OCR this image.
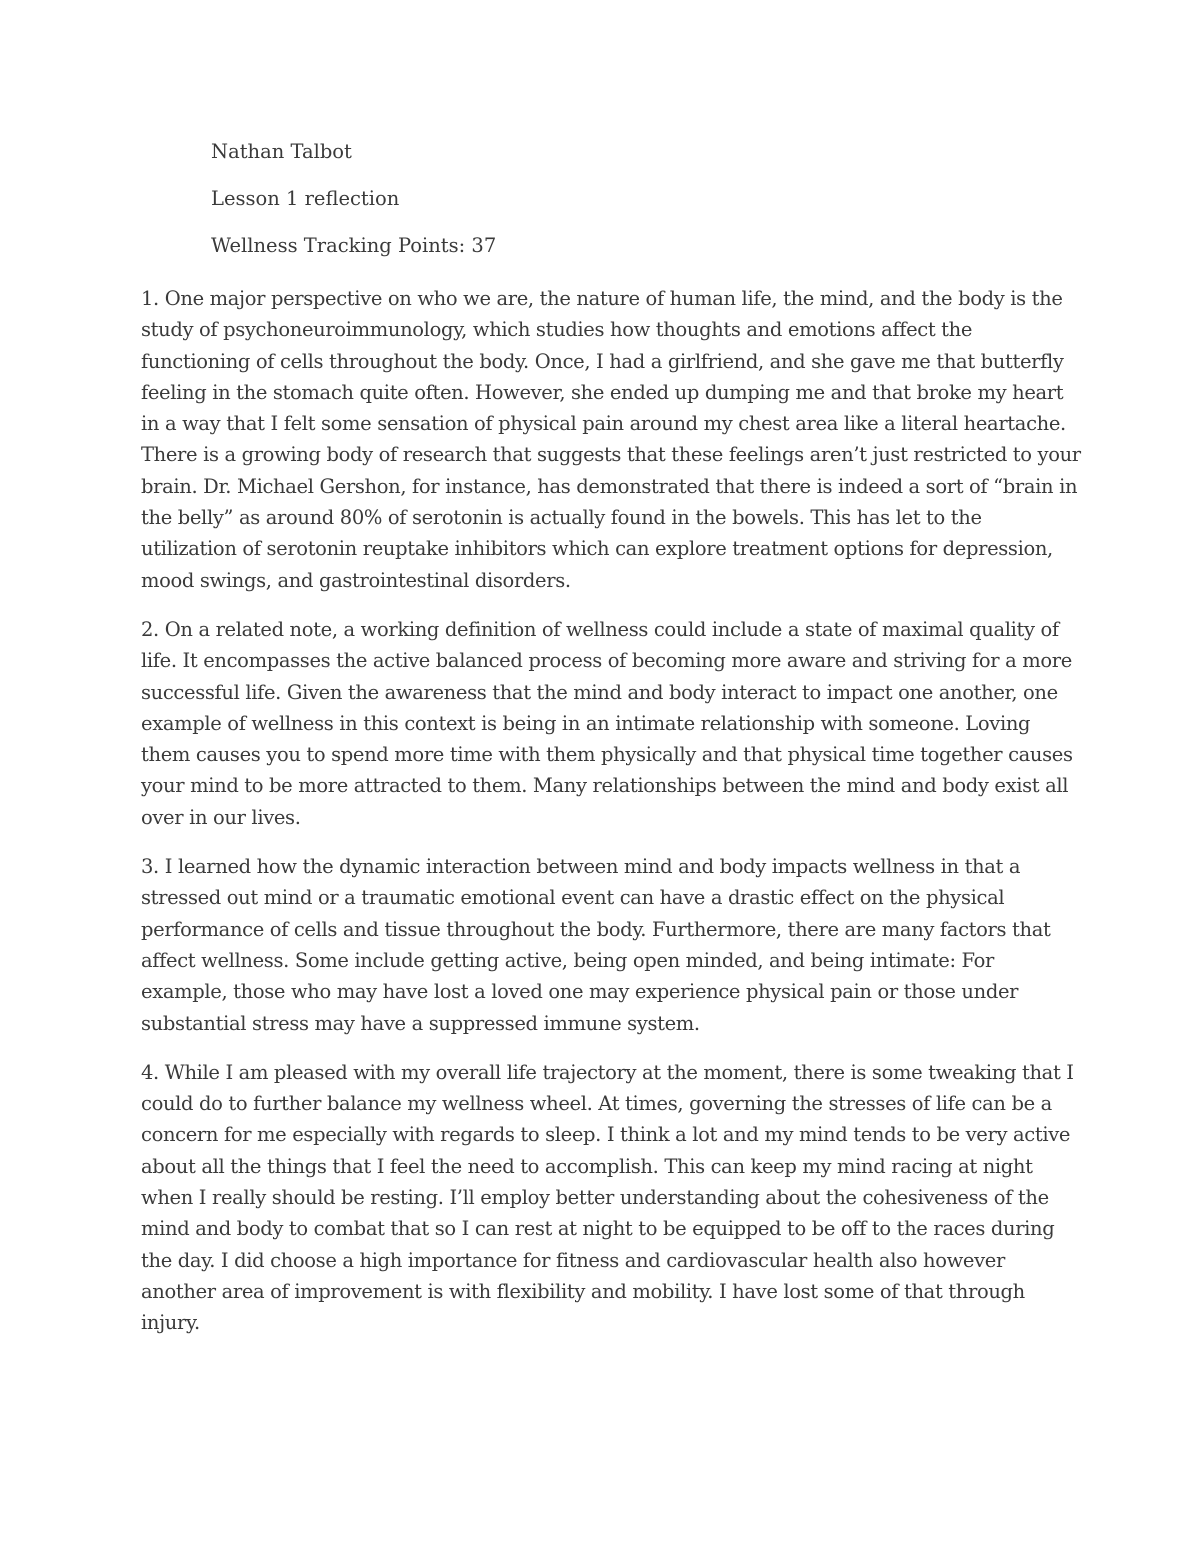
Nathan Talbot
Lesson 1 reflection
Wellness Tracking Points: 37
1. One major perspective on who we are, the nature of human life, the mind, and the body is the
study of psychoneuroimmunology, which studies how thoughts and emotions affect the
functioning of cells throughout the body. Once, I had a girlfriend, and she gave me that butterfly
feeling in the stomach quite often. However, she ended up dumping me and that broke my heart
in a way that I felt some sensation of physical pain around my chest area like a literal heartache.
There is a growing body of research that suggests that these feelings aren’t just restricted to your
brain. Dr. Michael Gershon, for instance, has demonstrated that there is indeed a sort of “brain in
the belly” as around 80% of serotonin is actually found in the bowels. This has let to the
utilization of serotonin reuptake inhibitors which can explore treatment options for depression,
mood swings, and gastrointestinal disorders.
2. On a related note, a working definition of wellness could include a state of maximal quality of
life. It encompasses the active balanced process of becoming more aware and striving for a more
successful life. Given the awareness that the mind and body interact to impact one another, one
example of wellness in this context is being in an intimate relationship with someone. Loving
them causes you to spend more time with them physically and that physical time together causes
your mind to be more attracted to them. Many relationships between the mind and body exist all
over in our lives.
3. I learned how the dynamic interaction between mind and body impacts wellness in that a
stressed out mind or a traumatic emotional event can have a drastic effect on the physical
performance of cells and tissue throughout the body. Furthermore, there are many factors that
affect wellness. Some include getting active, being open minded, and being intimate: For
example, those who may have lost a loved one may experience physical pain or those under
substantial stress may have a suppressed immune system.
4. While I am pleased with my overall life trajectory at the moment, there is some tweaking that I
could do to further balance my wellness wheel. At times, governing the stresses of life can be a
concern for me especially with regards to sleep. I think a lot and my mind tends to be very active
about all the things that I feel the need to accomplish. This can keep my mind racing at night
when I really should be resting. I’ll employ better understanding about the cohesiveness of the
mind and body to combat that so I can rest at night to be equipped to be off to the races during
the day. I did choose a high importance for fitness and cardiovascular health also however
another area of improvement is with flexibility and mobility. I have lost some of that through
injury.
